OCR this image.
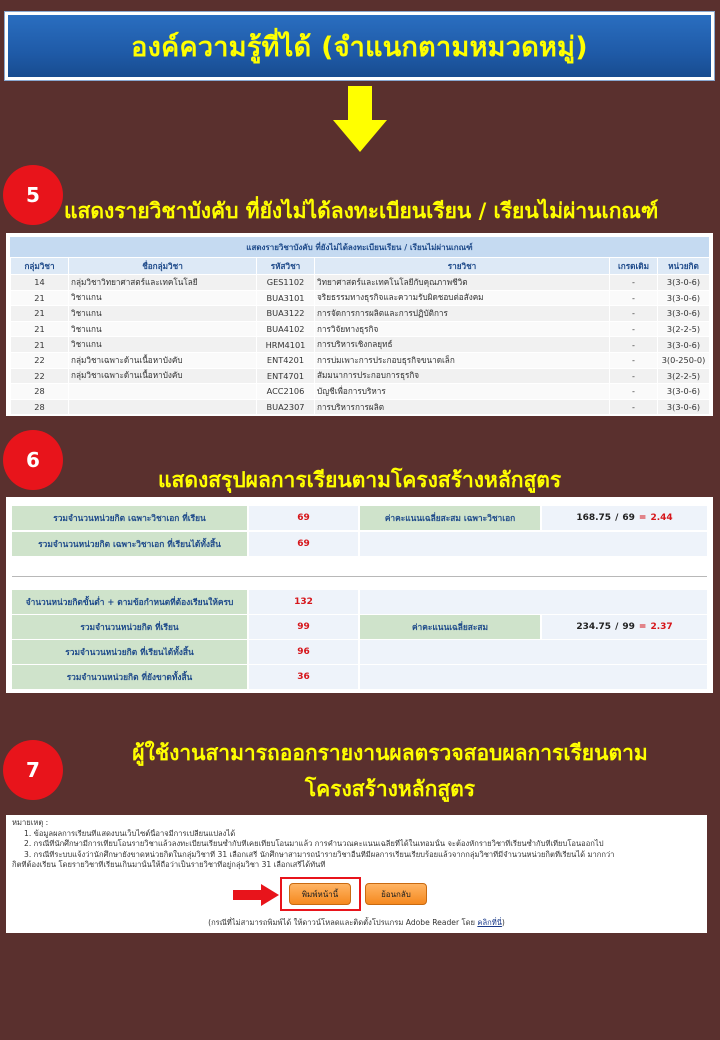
องค์ความรู้ที่ได้ (จำแนกตามหมวดหมู่)
5
แสดงรายวิชาบังคับ ที่ยังไม่ได้ลงทะเบียนเรียน / เรียนไม่ผ่านเกณฑ์
แสดงรายวิชาบังคับ ที่ยังไม่ได้ลงทะเบียนเรียน / เรียนไม่ผ่านเกณฑ์
กลุ่มวิชา	ชื่อกลุ่มวิชา	รหัสวิชา	รายวิชา	เกรดเดิม	หน่วยกิต
14	กลุ่มวิชาวิทยาศาสตร์และเทคโนโลยี	GES1102	วิทยาศาสตร์และเทคโนโลยีกับคุณภาพชีวิต	-	3(3-0-6)
21	วิชาแกน	BUA3101	จริยธรรมทางธุรกิจและความรับผิดชอบต่อสังคม	-	3(3-0-6)
21	วิชาแกน	BUA3122	การจัดการการผลิตและการปฏิบัติการ	-	3(3-0-6)
21	วิชาแกน	BUA4102	การวิจัยทางธุรกิจ	-	3(2-2-5)
21	วิชาแกน	HRM4101	การบริหารเชิงกลยุทธ์	-	3(3-0-6)
22	กลุ่มวิชาเฉพาะด้านเนื้อหาบังคับ	ENT4201	การบ่มเพาะการประกอบธุรกิจขนาดเล็ก	-	3(0-250-0)
22	กลุ่มวิชาเฉพาะด้านเนื้อหาบังคับ	ENT4701	สัมมนาการประกอบการธุรกิจ	-	3(2-2-5)
28		ACC2106	บัญชีเพื่อการบริหาร	-	3(3-0-6)
28		BUA2307	การบริหารการผลิต	-	3(3-0-6)
6
แสดงสรุปผลการเรียนตามโครงสร้างหลักสูตร
รวมจำนวนหน่วยกิต เฉพาะวิชาเอก ที่เรียน	69	ค่าคะแนนเฉลี่ยสะสม เฉพาะวิชาเอก	168.75 / 69 = 2.44
รวมจำนวนหน่วยกิต เฉพาะวิชาเอก ที่เรียนได้ทั้งสิ้น	69
จำนวนหน่วยกิตขั้นต่ำ + ตามข้อกำหนดที่ต้องเรียนให้ครบ	132
รวมจำนวนหน่วยกิต ที่เรียน	99	ค่าคะแนนเฉลี่ยสะสม	234.75 / 99 = 2.37
รวมจำนวนหน่วยกิต ที่เรียนได้ทั้งสิ้น	96
รวมจำนวนหน่วยกิต ที่ยังขาดทั้งสิ้น	36
7
ผู้ใช้งานสามารถออกรายงานผลตรวจสอบผลการเรียนตาม
โครงสร้างหลักสูตร
หมายเหตุ :
1. ข้อมูลผลการเรียนที่แสดงบนเว็บไซต์นี้อาจมีการเปลี่ยนแปลงได้
2. กรณีที่นักศึกษามีการเทียบโอนรายวิชาแล้วลงทะเบียนเรียนซ้ำกับที่เคยเทียบโอนมาแล้ว การคำนวณคะแนนเฉลี่ยที่ได้ในเทอมนั้น จะต้องหักรายวิชาที่เรียนซ้ำกับที่เทียบโอนออกไป
3. กรณีที่ระบบแจ้งว่านักศึกษายังขาดหน่วยกิตในกลุ่มวิชาที่ 31 เลือกเสรี นักศึกษาสามารถนำรายวิชาอื่นที่มีผลการเรียนเรียบร้อยแล้วจากกลุ่มวิชาที่มีจำนวนหน่วยกิตที่เรียนได้ มากกว่า
กิตที่ต้องเรียน โดยรายวิชาที่เรียนเกินมานั้นให้ถือว่าเป็นรายวิชาที่อยู่กลุ่มวิชา 31 เลือกเสรีได้ทันที
พิมพ์หน้านี้	ย้อนกลับ
(กรณีที่ไม่สามารถพิมพ์ได้ ให้ดาวน์โหลดและติดตั้งโปรแกรม Adobe Reader โดย คลิกที่นี่)
